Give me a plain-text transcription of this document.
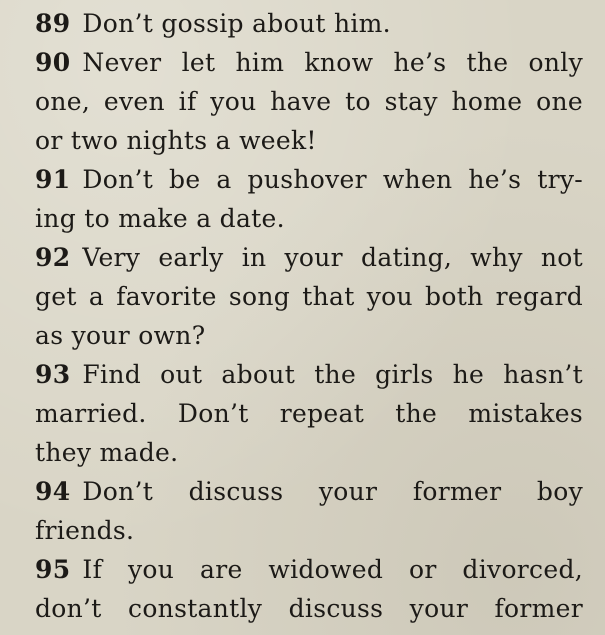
89 Don’t gossip about him.
90 Never let him know he’s the only
one, even if you have to stay home one
or two nights a week!
91 Don’t be a pushover when he’s try-
ing to make a date.
92 Very early in your dating, why not
get a favorite song that you both regard
as your own?
93 Find out about the girls he hasn’t
married. Don’t repeat the mistakes
they made.
94 Don’t discuss your former boy
friends.
95 If you are widowed or divorced,
don’t constantly discuss your former
